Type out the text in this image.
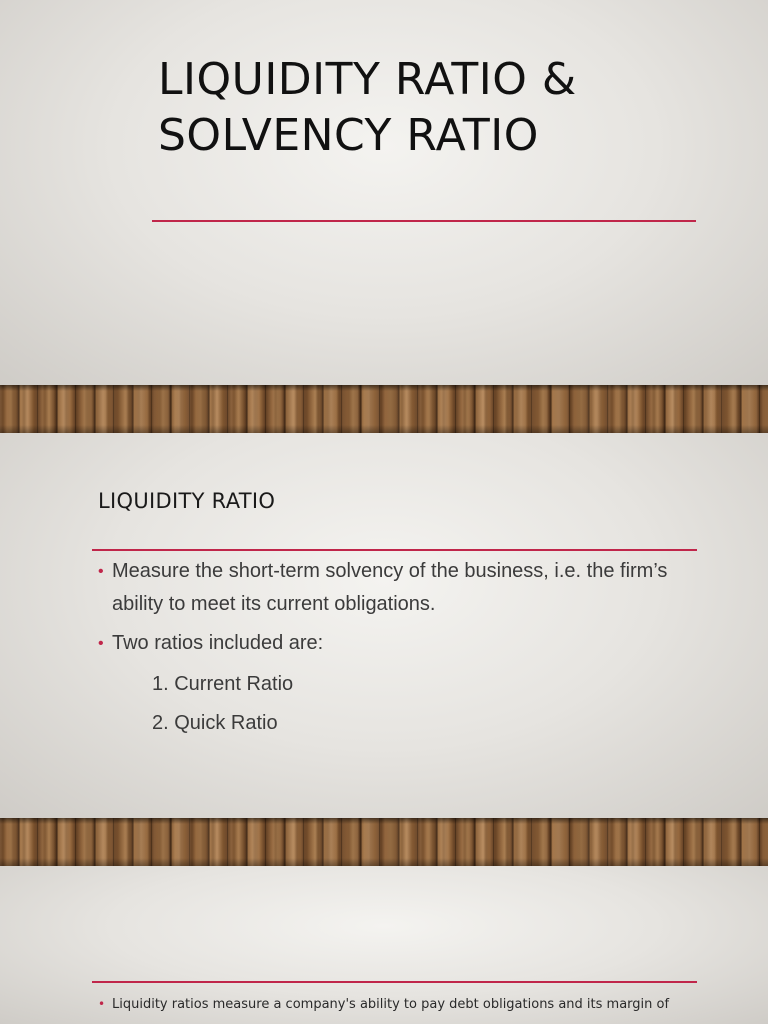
LIQUIDITY RATIO &
SOLVENCY RATIO
LIQUIDITY RATIO
• Measure the short-term solvency of the business, i.e. the firm’s ability to meet its current obligations.
• Two ratios included are:
1. Current Ratio
2. Quick Ratio

• Liquidity ratios measure a company's ability to pay debt obligations and its margin of
